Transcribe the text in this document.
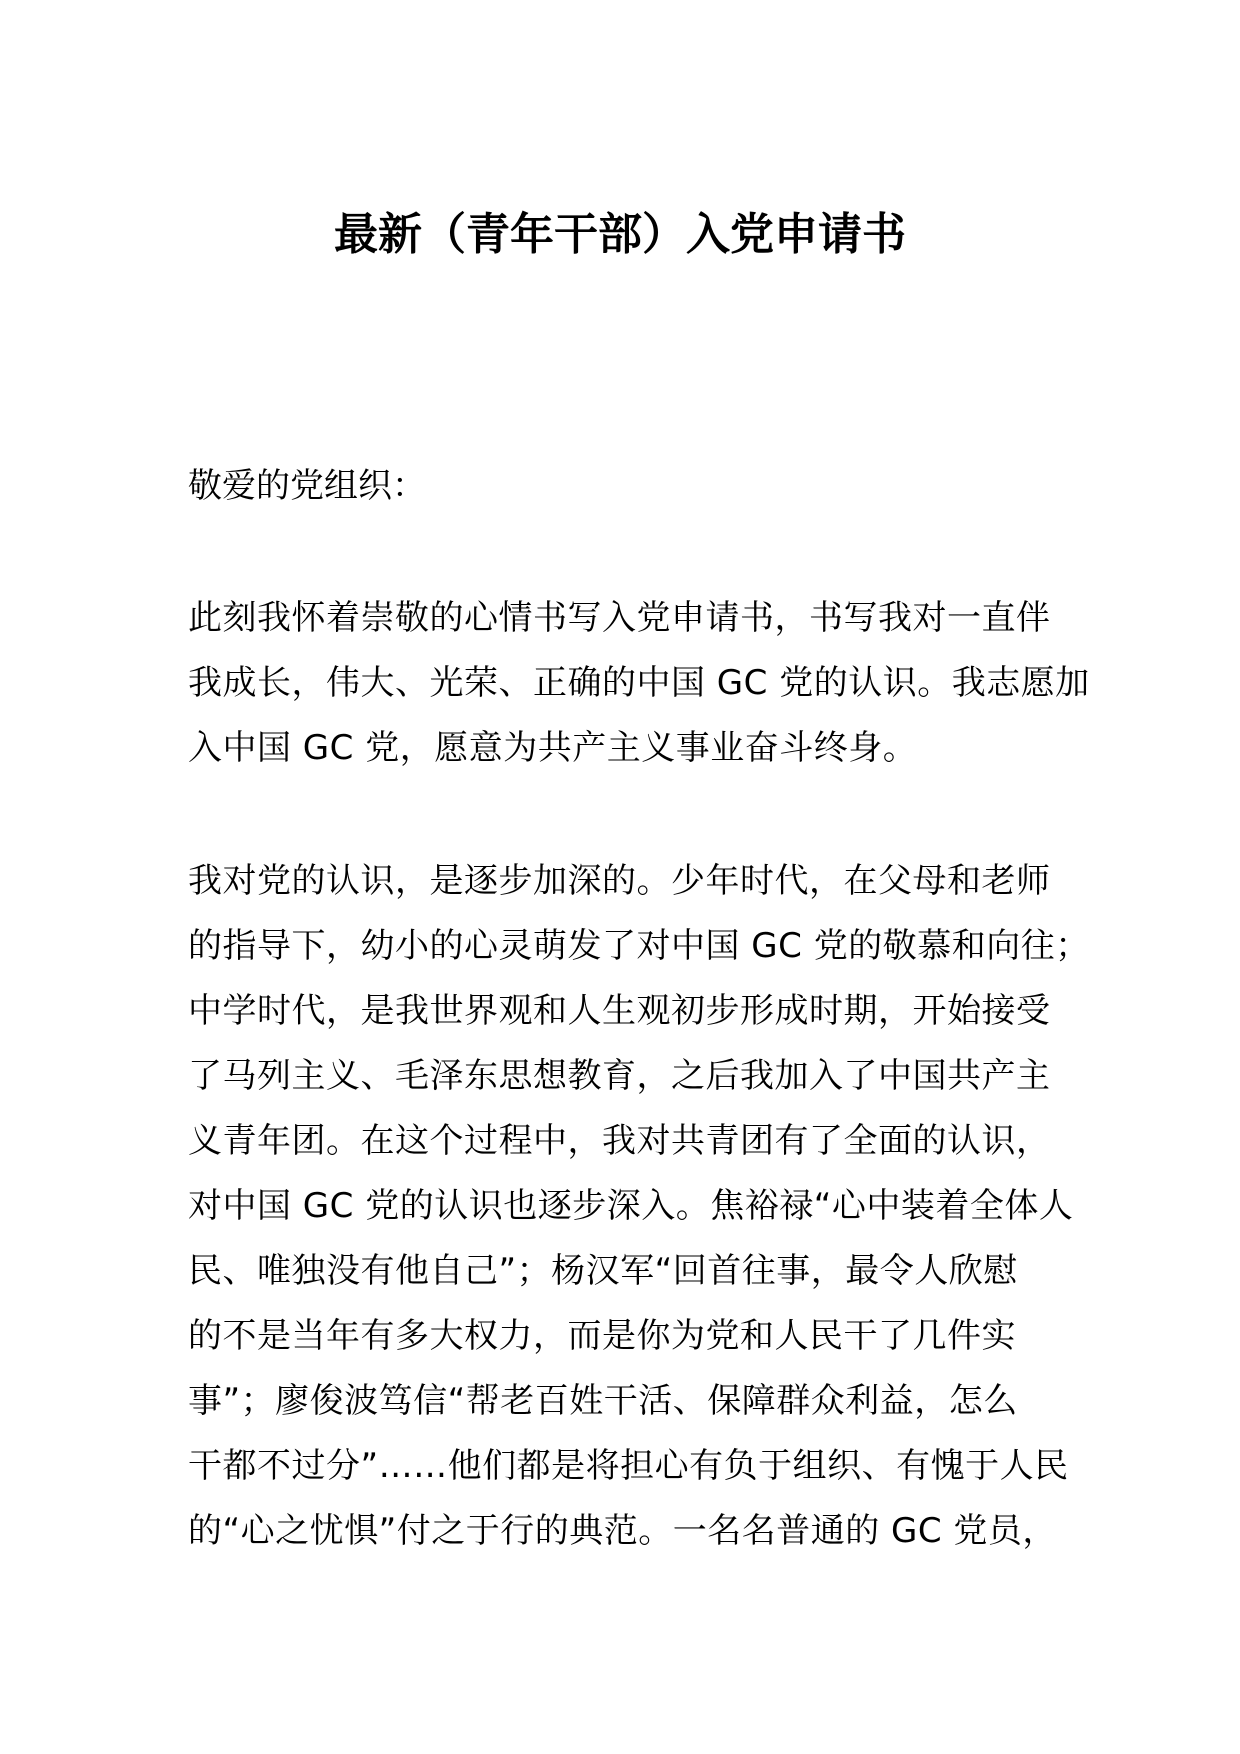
最新（青年干部）入党申请书

敬爱的党组织：

此刻我怀着崇敬的心情书写入党申请书，书写我对一直伴
我成长，伟大、光荣、正确的中国 GC 党的认识。我志愿加
入中国 GC 党，愿意为共产主义事业奋斗终身。

我对党的认识，是逐步加深的。少年时代，在父母和老师
的指导下，幼小的心灵萌发了对中国 GC 党的敬慕和向往；
中学时代，是我世界观和人生观初步形成时期，开始接受
了马列主义、毛泽东思想教育，之后我加入了中国共产主
义青年团。在这个过程中，我对共青团有了全面的认识，
对中国 GC 党的认识也逐步深入。焦裕禄“心中装着全体人
民、唯独没有他自己”；杨汉军“回首往事，最令人欣慰
的不是当年有多大权力，而是你为党和人民干了几件实
事”；廖俊波笃信“帮老百姓干活、保障群众利益，怎么
干都不过分”……他们都是将担心有负于组织、有愧于人民
的“心之忧惧”付之于行的典范。一名名普通的 GC 党员，
